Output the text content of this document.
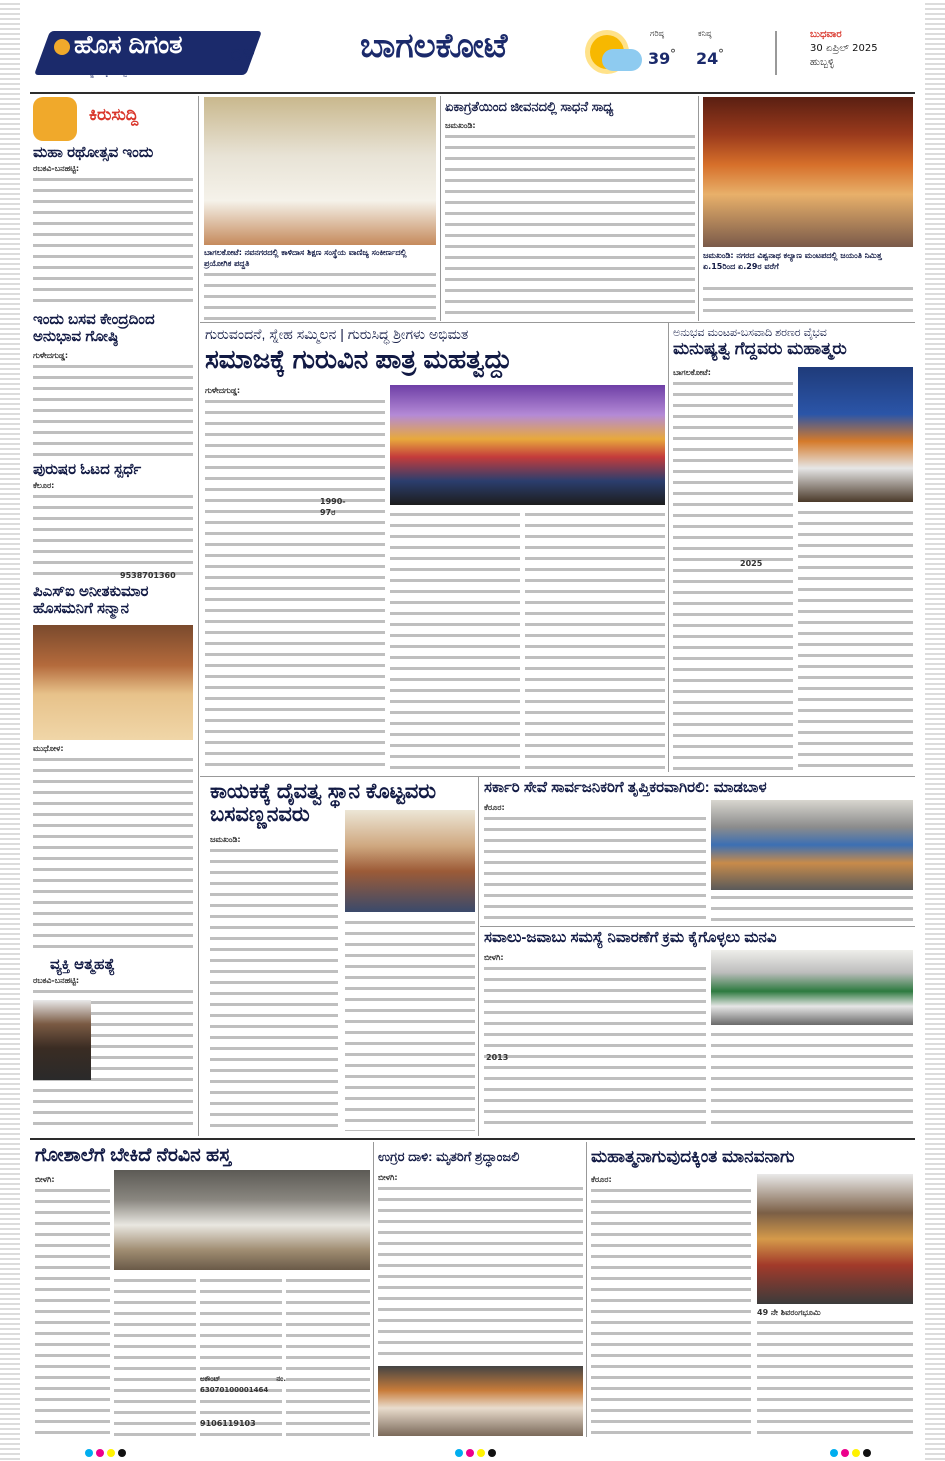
ಹೊಸ ದಿಗಂತ
ರಾಷ್ಟ್ರ ಜಾಗೃತಿಯ ಧ್ವನಿ
೦೪	ಬಾಗಲಕೋಟೆ	ಗರಿಷ್ಠ
39 °
ಕನಿಷ್ಠ
24 °
ಬುಧವಾರ
30 ಏಪ್ರಿಲ್ 2025
ಹುಬ್ಬಳ್ಳಿ
ಕಿರುಸುದ್ದಿ
ಮಹಾ ರಥೋತ್ಸವ ಇಂದು
ರಬಕವಿ-ಬನಹಟ್ಟಿ:
ಇಂದು ಬಸವ ಕೇಂದ್ರದಿಂದ ಅನುಭಾವ ಗೋಷ್ಠಿ
ಗುಳೇದಗುಡ್ಡ:
ಪುರುಷರ ಓಟದ ಸ್ಪರ್ಧೆ
ಕೆಲೂರ:
9538701360
ಪಿಎಸ್‌ಐ ಅನೀತಕುಮಾರ ಹೊಸಮನಿಗೆ ಸನ್ಮಾನ
ಮುಧೋಳ:
ವ್ಯಕ್ತಿ ಆತ್ಮಹತ್ಯೆ
ರಬಕವಿ-ಬನಹಟ್ಟಿ:
ಬಾಗಲಕೋಟೆ: ನವನಗರದಲ್ಲಿ ಕಾಳಿದಾಸ ಶಿಕ್ಷಣ ಸಂಸ್ಥೆಯ ವಾಣಿಜ್ಯ ಸಂಕೀರ್ಣದಲ್ಲಿ ಪ್ರಯೋಗಿಕ ಪದ್ದತಿ
ಏಕಾಗ್ರತೆಯಿಂದ ಜೀವನದಲ್ಲಿ ಸಾಧನೆ ಸಾಧ್ಯ
ಜಮಖಂಡಿ:
ಜಮಖಂಡಿ: ನಗರದ ವಿಶ್ವನಾಥ ಕಲ್ಯಾಣ ಮಂಟಪದಲ್ಲಿ ಜಯಂತಿ ನಿಮಿತ್ತ ಏ.15ರಿಂದ ಏ.29ರ ವರೆಗೆ
ಗುರುವಂದನೆ, ಸ್ನೇಹ ಸಮ್ಮಿಲನ | ಗುರುಸಿದ್ಧ ಶ್ರೀಗಳು ಅಭಿಮತ
ಸಮಾಜಕ್ಕೆ ಗುರುವಿನ ಪಾತ್ರ ಮಹತ್ವದ್ದು
ಗುಳೇದಗುಡ್ಡ:
1990-97ರ
ಅನುಭವ ಮಂಟಪ-ಬಸವಾದಿ ಶರಣರ ವೈಭವ
ಮನುಷ್ಯತ್ವ ಗೆದ್ದವರು ಮಹಾತ್ಮರು
ಬಾಗಲಕೋಟೆ:
2025
ಕಾಯಕಕ್ಕೆ ದೈವತ್ವ ಸ್ಥಾನ ಕೊಟ್ಟವರು ಬಸವಣ್ಣನವರು
ಜಮಖಂಡಿ:
ಸರ್ಕಾರಿ ಸೇವೆ ಸಾರ್ವಜನಿಕರಿಗೆ ತೃಪ್ತಿಕರವಾಗಿರಲಿ: ಮಾಡಬಾಳ
ಕೆರೂರ:
ಸವಾಲು-ಜವಾಬು ಸಮಸ್ಯೆ ನಿವಾರಣೆಗೆ ಕ್ರಮ ಕೈಗೊಳ್ಳಲು ಮನವಿ
ಬೀಳಗಿ:
2013
ಗೋಶಾಲೆಗೆ ಬೇಕಿದೆ ನೆರವಿನ ಹಸ್ತ
ಬೀಳಗಿ:
ಅಕೌಂಟ್ ನಂ. 63070100001464
9106119103
ಉಗ್ರರ ದಾಳಿ: ಮೃತರಿಗೆ ಶ್ರದ್ಧಾಂಜಲಿ
ಬೀಳಗಿ:
ಮಹಾತ್ಮನಾಗುವುದಕ್ಕಿಂತ ಮಾನವನಾಗು
ಕೆರೂರ:
49 ನೇ ಶಿವರಂಗಭೂಮಿ
